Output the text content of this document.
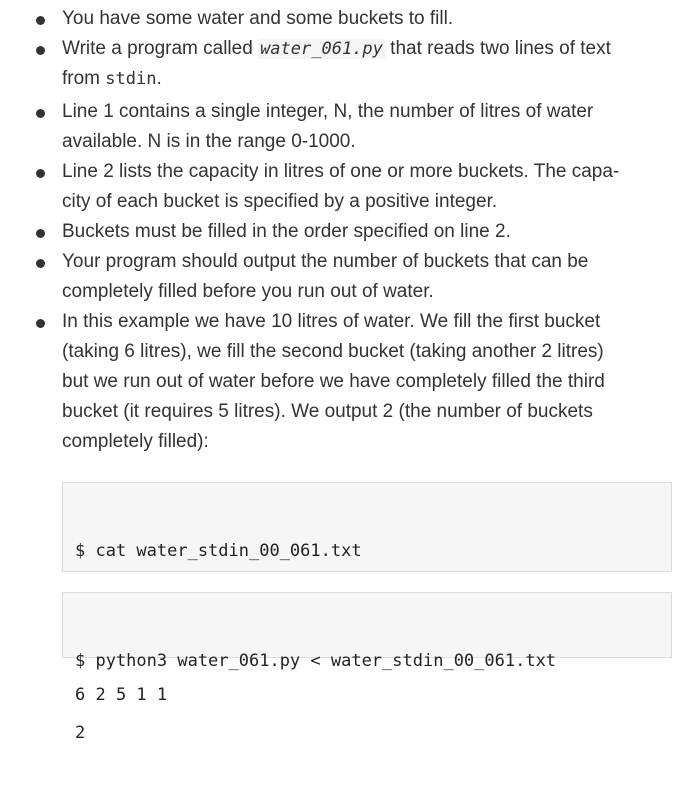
You have some water and some buckets to fill.
Write a program called water_061.py that reads two lines of text
from stdin.
Line 1 contains a single integer, N, the number of litres of water
available. N is in the range 0-1000.
Line 2 lists the capacity in litres of one or more buckets. The capa-
city of each bucket is specified by a positive integer.
Buckets must be filled in the order specified on line 2.
Your program should output the number of buckets that can be
completely filled before you run out of water.
In this example we have 10 litres of water. We fill the first bucket
(taking 6 litres), we fill the second bucket (taking another 2 litres)
but we run out of water before we have completely filled the third
bucket (it requires 5 litres). We output 2 (the number of buckets
completely filled):

$ cat water_stdin_00_061.txt

6 2 5 1 1

$ python3 water_061.py < water_stdin_00_061.txt

2
